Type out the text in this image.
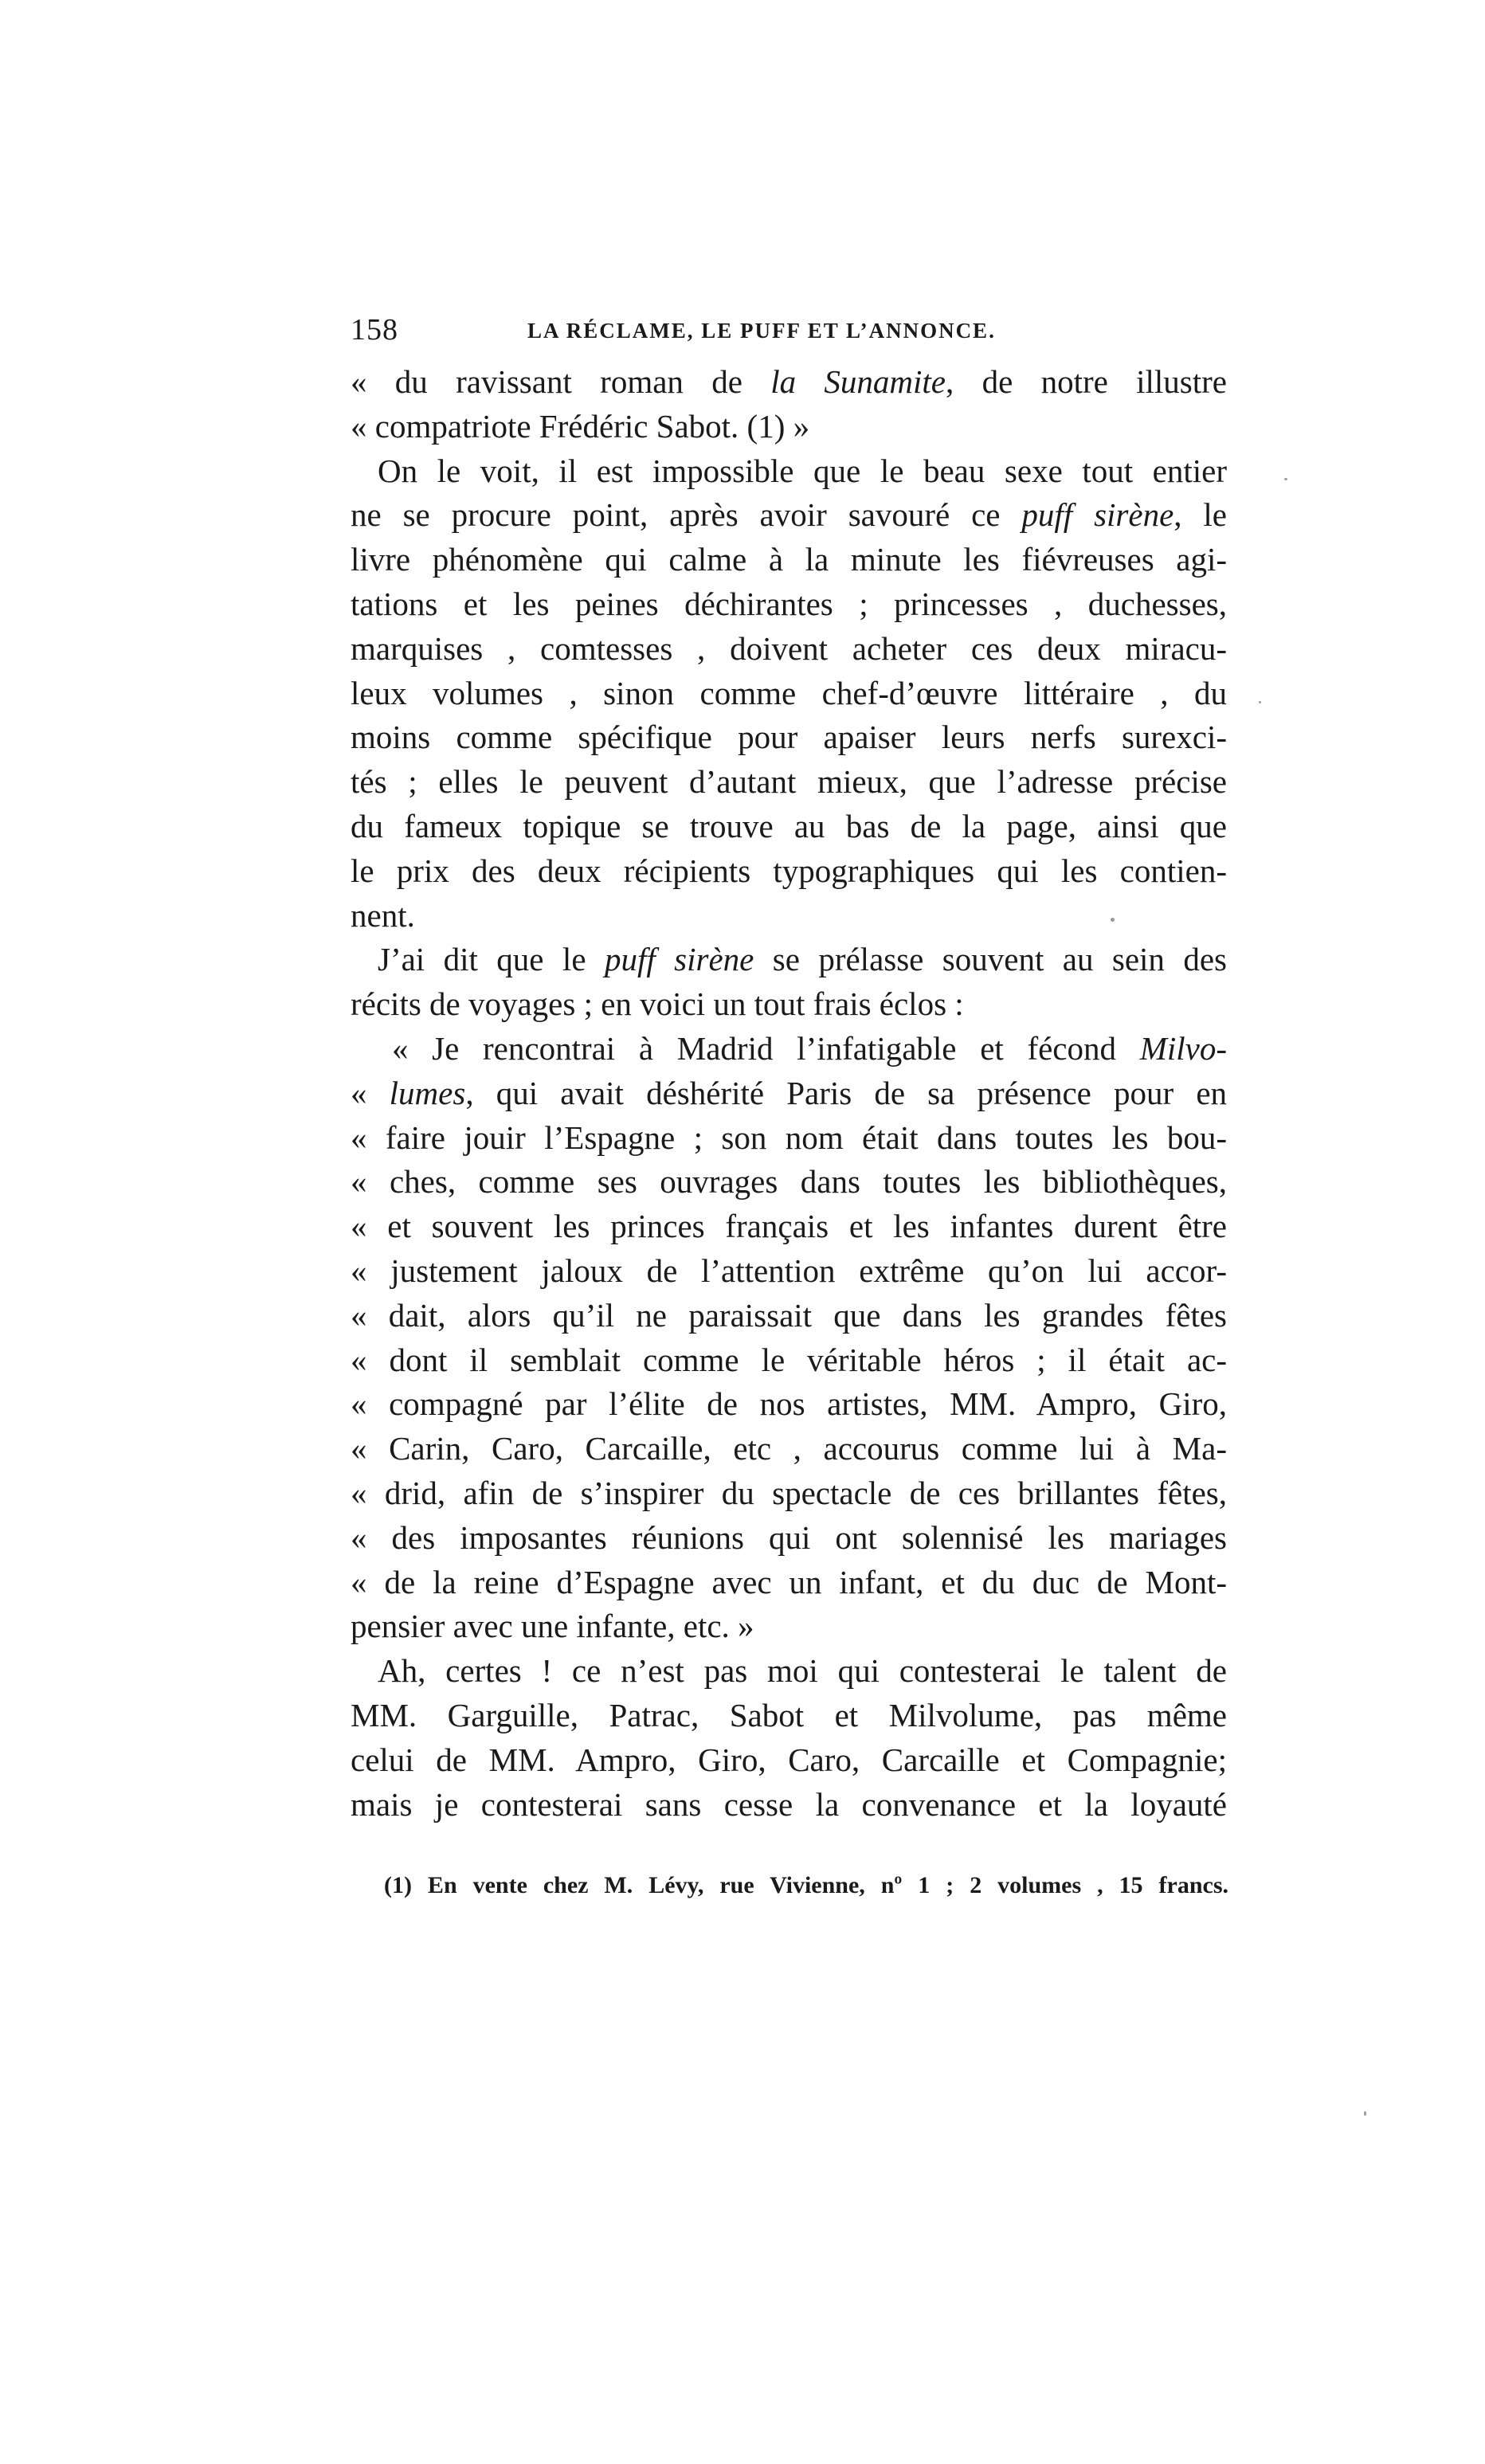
158	LA RÉCLAME, LE PUFF ET L’ANNONCE.
« du ravissant roman de la Sunamite, de notre illustre
« compatriote Frédéric Sabot. (1) »
On le voit, il est impossible que le beau sexe tout entier
ne se procure point, après avoir savouré ce puff sirène, le
livre phénomène qui calme à la minute les fiévreuses agi-
tations et les peines déchirantes ; princesses , duchesses,
marquises , comtesses , doivent acheter ces deux miracu-
leux volumes , sinon comme chef-d’œuvre littéraire , du
moins comme spécifique pour apaiser leurs nerfs surexci-
tés ; elles le peuvent d’autant mieux, que l’adresse précise
du fameux topique se trouve au bas de la page, ainsi que
le prix des deux récipients typographiques qui les contien-
nent.
J’ai dit que le puff sirène se prélasse souvent au sein des
récits de voyages ; en voici un tout frais éclos :
« Je rencontrai à Madrid l’infatigable et fécond Milvo-
« lumes, qui avait déshérité Paris de sa présence pour en
« faire jouir l’Espagne ; son nom était dans toutes les bou-
« ches, comme ses ouvrages dans toutes les bibliothèques,
« et souvent les princes français et les infantes durent être
« justement jaloux de l’attention extrême qu’on lui accor-
« dait, alors qu’il ne paraissait que dans les grandes fêtes
« dont il semblait comme le véritable héros ; il était ac-
« compagné par l’élite de nos artistes, MM. Ampro, Giro,
« Carin, Caro, Carcaille, etc , accourus comme lui à Ma-
« drid, afin de s’inspirer du spectacle de ces brillantes fêtes,
« des imposantes réunions qui ont solennisé les mariages
« de la reine d’Espagne avec un infant, et du duc de Mont-
pensier avec une infante, etc. »
Ah, certes ! ce n’est pas moi qui contesterai le talent de
MM. Garguille, Patrac, Sabot et Milvolume, pas même
celui de MM. Ampro, Giro, Caro, Carcaille et Compagnie;
mais je contesterai sans cesse la convenance et la loyauté
(1) En vente chez M. Lévy, rue Vivienne, nº 1 ; 2 volumes , 15 francs.
